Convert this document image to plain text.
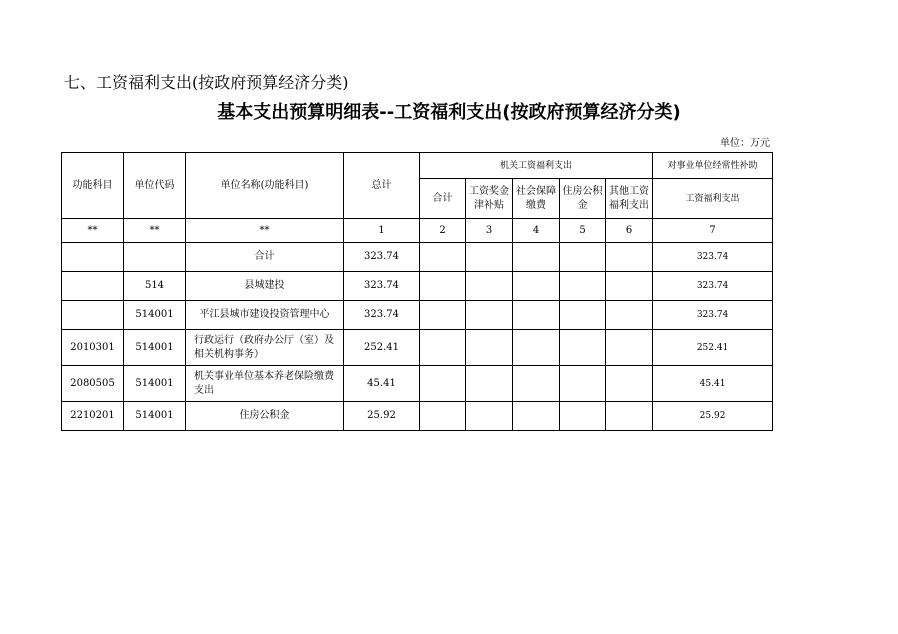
七、工资福利支出(按政府预算经济分类)
基本支出预算明细表--工资福利支出(按政府预算经济分类)
单位：万元
功能科目	单位代码	单位名称(功能科目)	总计	机关工资福利支出					对事业单位经常性补助
				合计	工资奖金津补贴	社会保障缴费	住房公积金	其他工资福利支出	工资福利支出
**	**	**	1	2	3	4	5	6	7
		合计	323.74						323.74
	514	县城建投	323.74						323.74
	514001	平江县城市建设投资管理中心	323.74						323.74
2010301	514001	行政运行（政府办公厅（室）及相关机构事务）	252.41						252.41
2080505	514001	机关事业单位基本养老保险缴费支出	45.41						45.41
2210201	514001	住房公积金	25.92						25.92
